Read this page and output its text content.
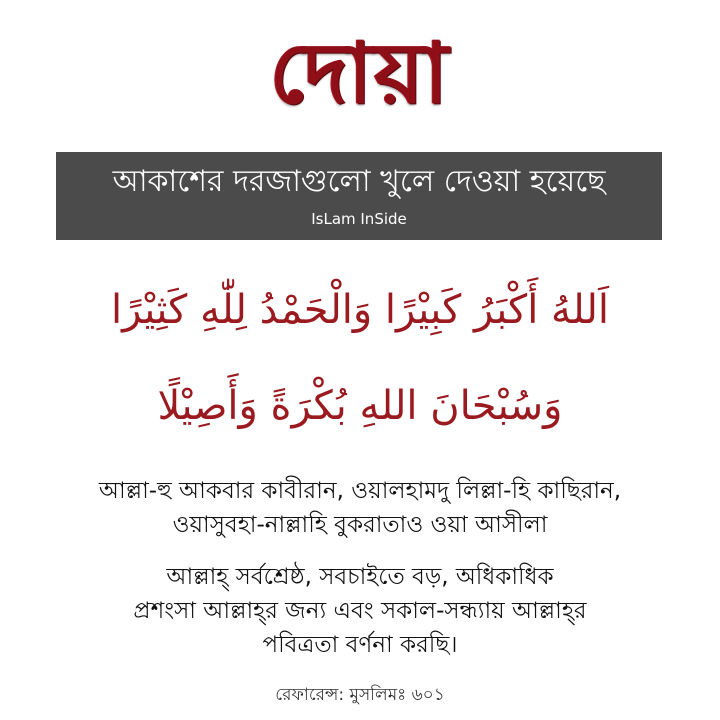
দোয়া
আকাশের দরজাগুলো খুলে দেওয়া হয়েছে
IsLam InSide
اَللهُ أَكْبَرُ كَبِيْرًا وَالْحَمْدُ لِلّٰهِ كَثِيْرًا
وَسُبْحَانَ اللهِ بُكْرَةً وَأَصِيْلًا
আল্লা-হু আকবার কাবীরান, ওয়ালহামদু লিল্লা-হি কাছিরান,
ওয়াসুবহা-নাল্লাহি বুকরাতাও ওয়া আসীলা
আল্লাহ্ সর্বশ্রেষ্ঠ, সবচাইতে বড়, অধিকাধিক
প্রশংসা আল্লাহ্‌র জন্য এবং সকাল-সন্ধ্যায় আল্লাহ্‌র
পবিত্রতা বর্ণনা করছি।
রেফারেন্স: মুসলিমঃ ৬০১
